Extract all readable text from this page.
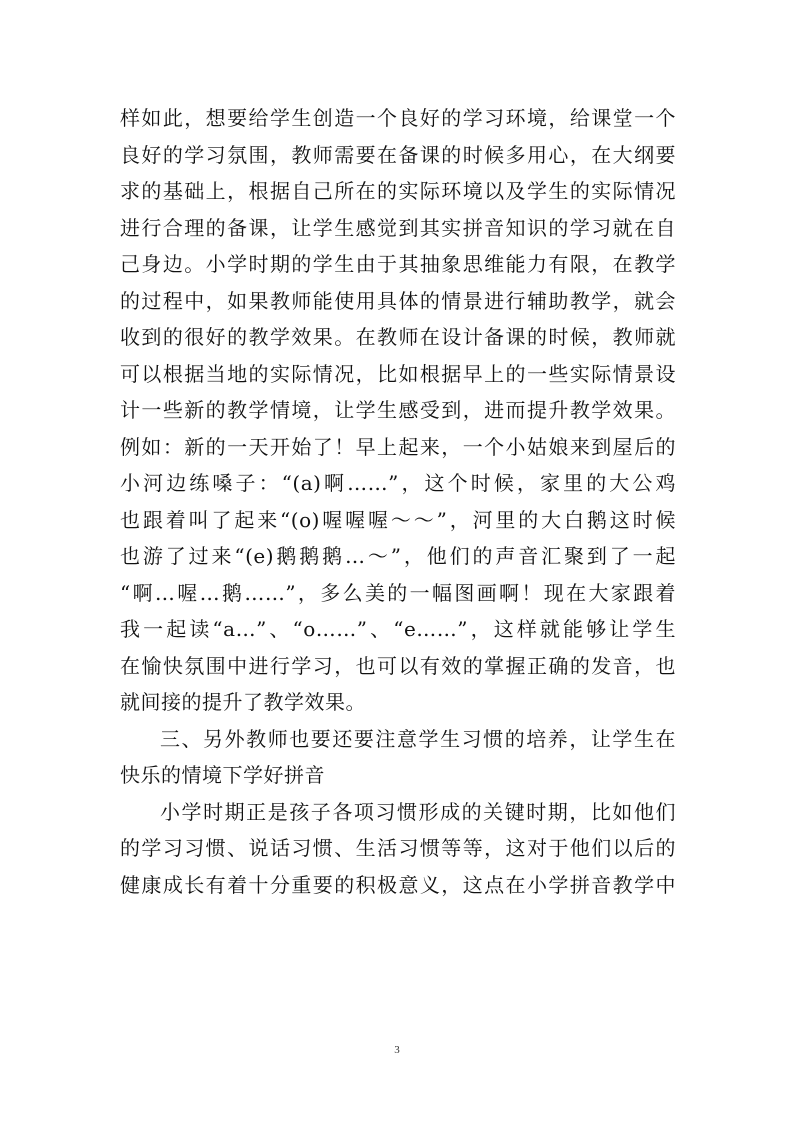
样如此，想要给学生创造一个良好的学习环境，给课堂一个
良好的学习氛围，教师需要在备课的时候多用心，在大纲要
求的基础上，根据自己所在的实际环境以及学生的实际情况
进行合理的备课，让学生感觉到其实拼音知识的学习就在自
己身边。小学时期的学生由于其抽象思维能力有限，在教学
的过程中，如果教师能使用具体的情景进行辅助教学，就会
收到的很好的教学效果。在教师在设计备课的时候，教师就
可以根据当地的实际情况，比如根据早上的一些实际情景设
计一些新的教学情境，让学生感受到，进而提升教学效果。
例如：新的一天开始了！早上起来，一个小姑娘来到屋后的
小河边练嗓子：“(a)啊……”，这个时候，家里的大公鸡
也跟着叫了起来“(o)喔喔喔～～”，河里的大白鹅这时候
也游了过来“(e)鹅鹅鹅…～”，他们的声音汇聚到了一起
“啊…喔…鹅……”，多么美的一幅图画啊！现在大家跟着
我一起读“a…”、“o……”、“e……”，这样就能够让学生
在愉快氛围中进行学习，也可以有效的掌握正确的发音，也
就间接的提升了教学效果。
三、另外教师也要还要注意学生习惯的培养，让学生在
快乐的情境下学好拼音
小学时期正是孩子各项习惯形成的关键时期，比如他们
的学习习惯、说话习惯、生活习惯等等，这对于他们以后的
健康成长有着十分重要的积极意义，这点在小学拼音教学中
3
